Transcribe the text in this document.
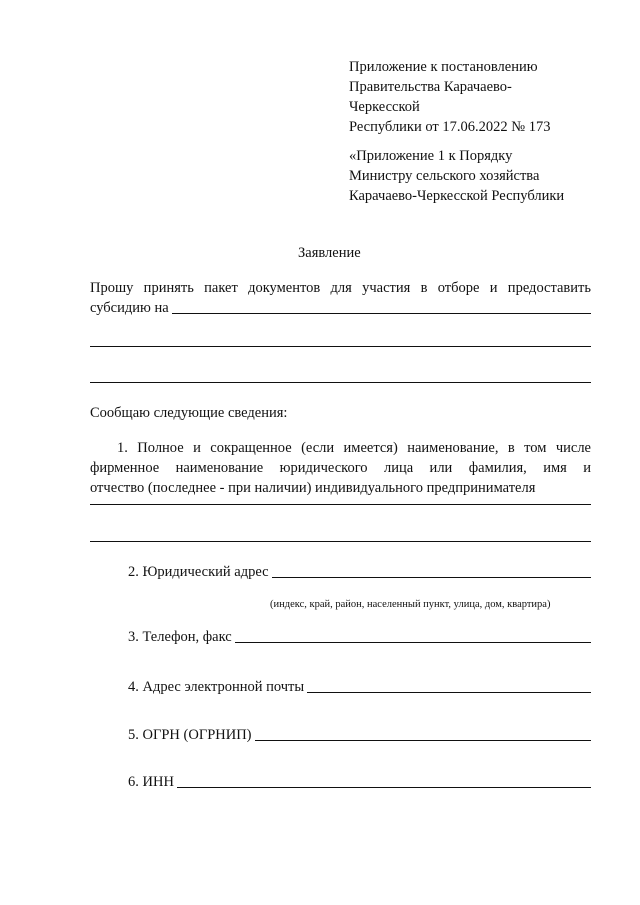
Приложение к постановлению
Правительства Карачаево-
Черкесской
Республики от 17.06.2022 № 173
«Приложение 1 к Порядку
Министру сельского хозяйства
Карачаево-Черкесской Республики
Заявление
Прошу принять пакет документов для участия в отборе и предоставить
субсидию на
Сообщаю следующие сведения:
1. Полное и сокращенное (если имеется) наименование, в том числе
фирменное наименование юридического лица или фамилия, имя и
отчество (последнее - при наличии) индивидуального предпринимателя
2. Юридический адрес
(индекс, край, район, населенный пункт, улица, дом, квартира)
3. Телефон, факс
4. Адрес электронной почты
5. ОГРН (ОГРНИП)
6. ИНН
